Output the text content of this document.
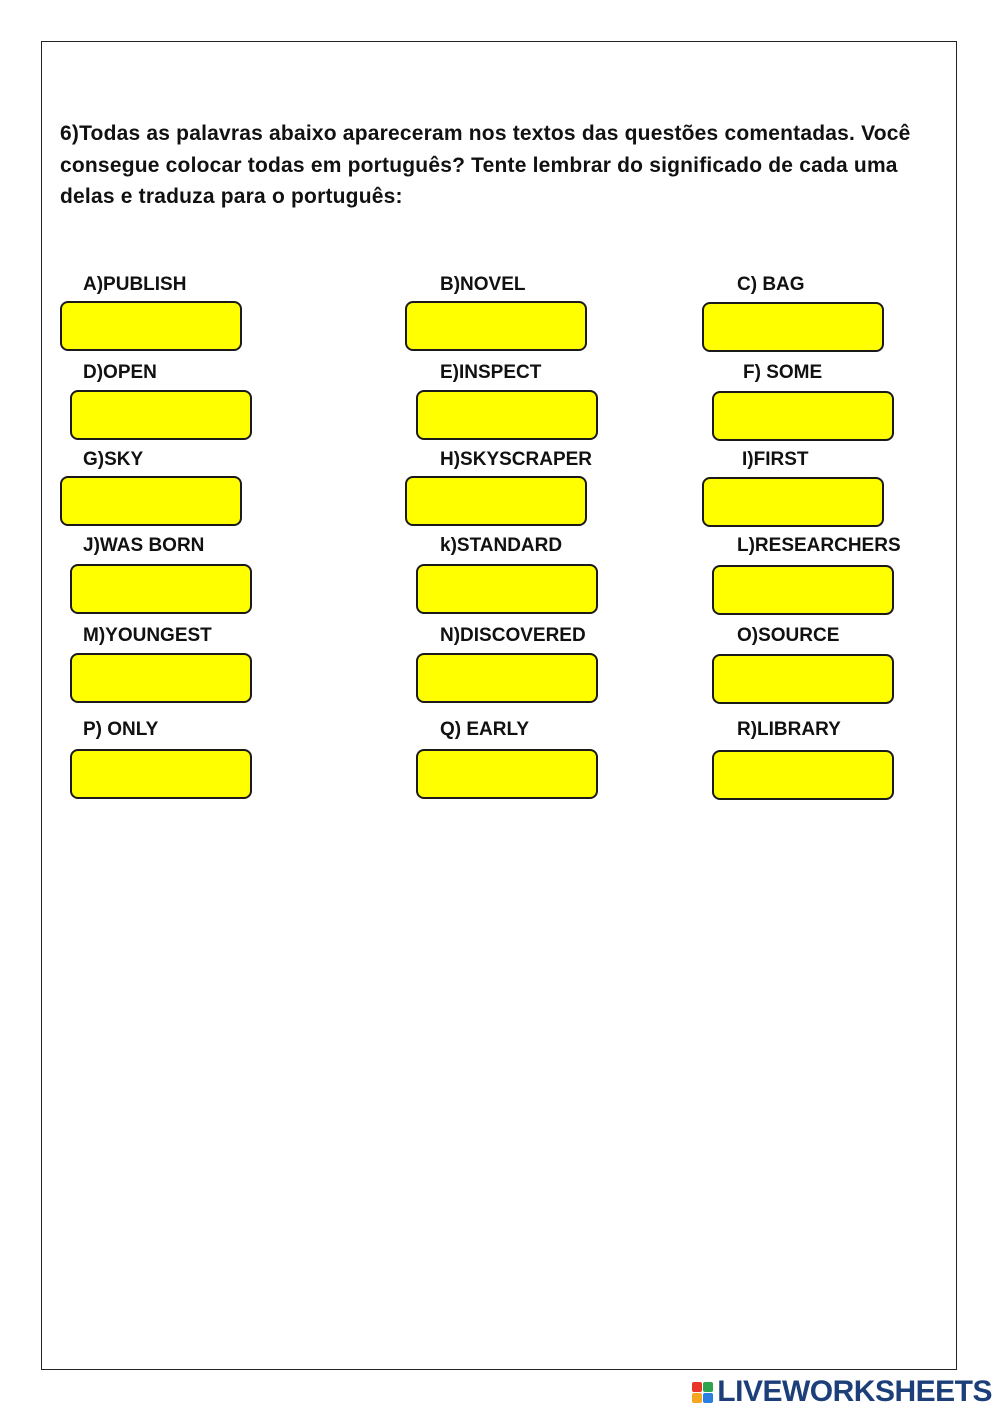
6)Todas as palavras abaixo apareceram nos textos das questões comentadas. Você consegue colocar todas em português? Tente lembrar do significado de cada uma delas e traduza para o português:

A)PUBLISH	B)NOVEL	C) BAG
D)OPEN	E)INSPECT	F) SOME
G)SKY	H)SKYSCRAPER	I)FIRST
J)WAS BORN	k)STANDARD	L)RESEARCHERS
M)YOUNGEST	N)DISCOVERED	O)SOURCE
P) ONLY	Q) EARLY	R)LIBRARY
LIVEWORKSHEETS
